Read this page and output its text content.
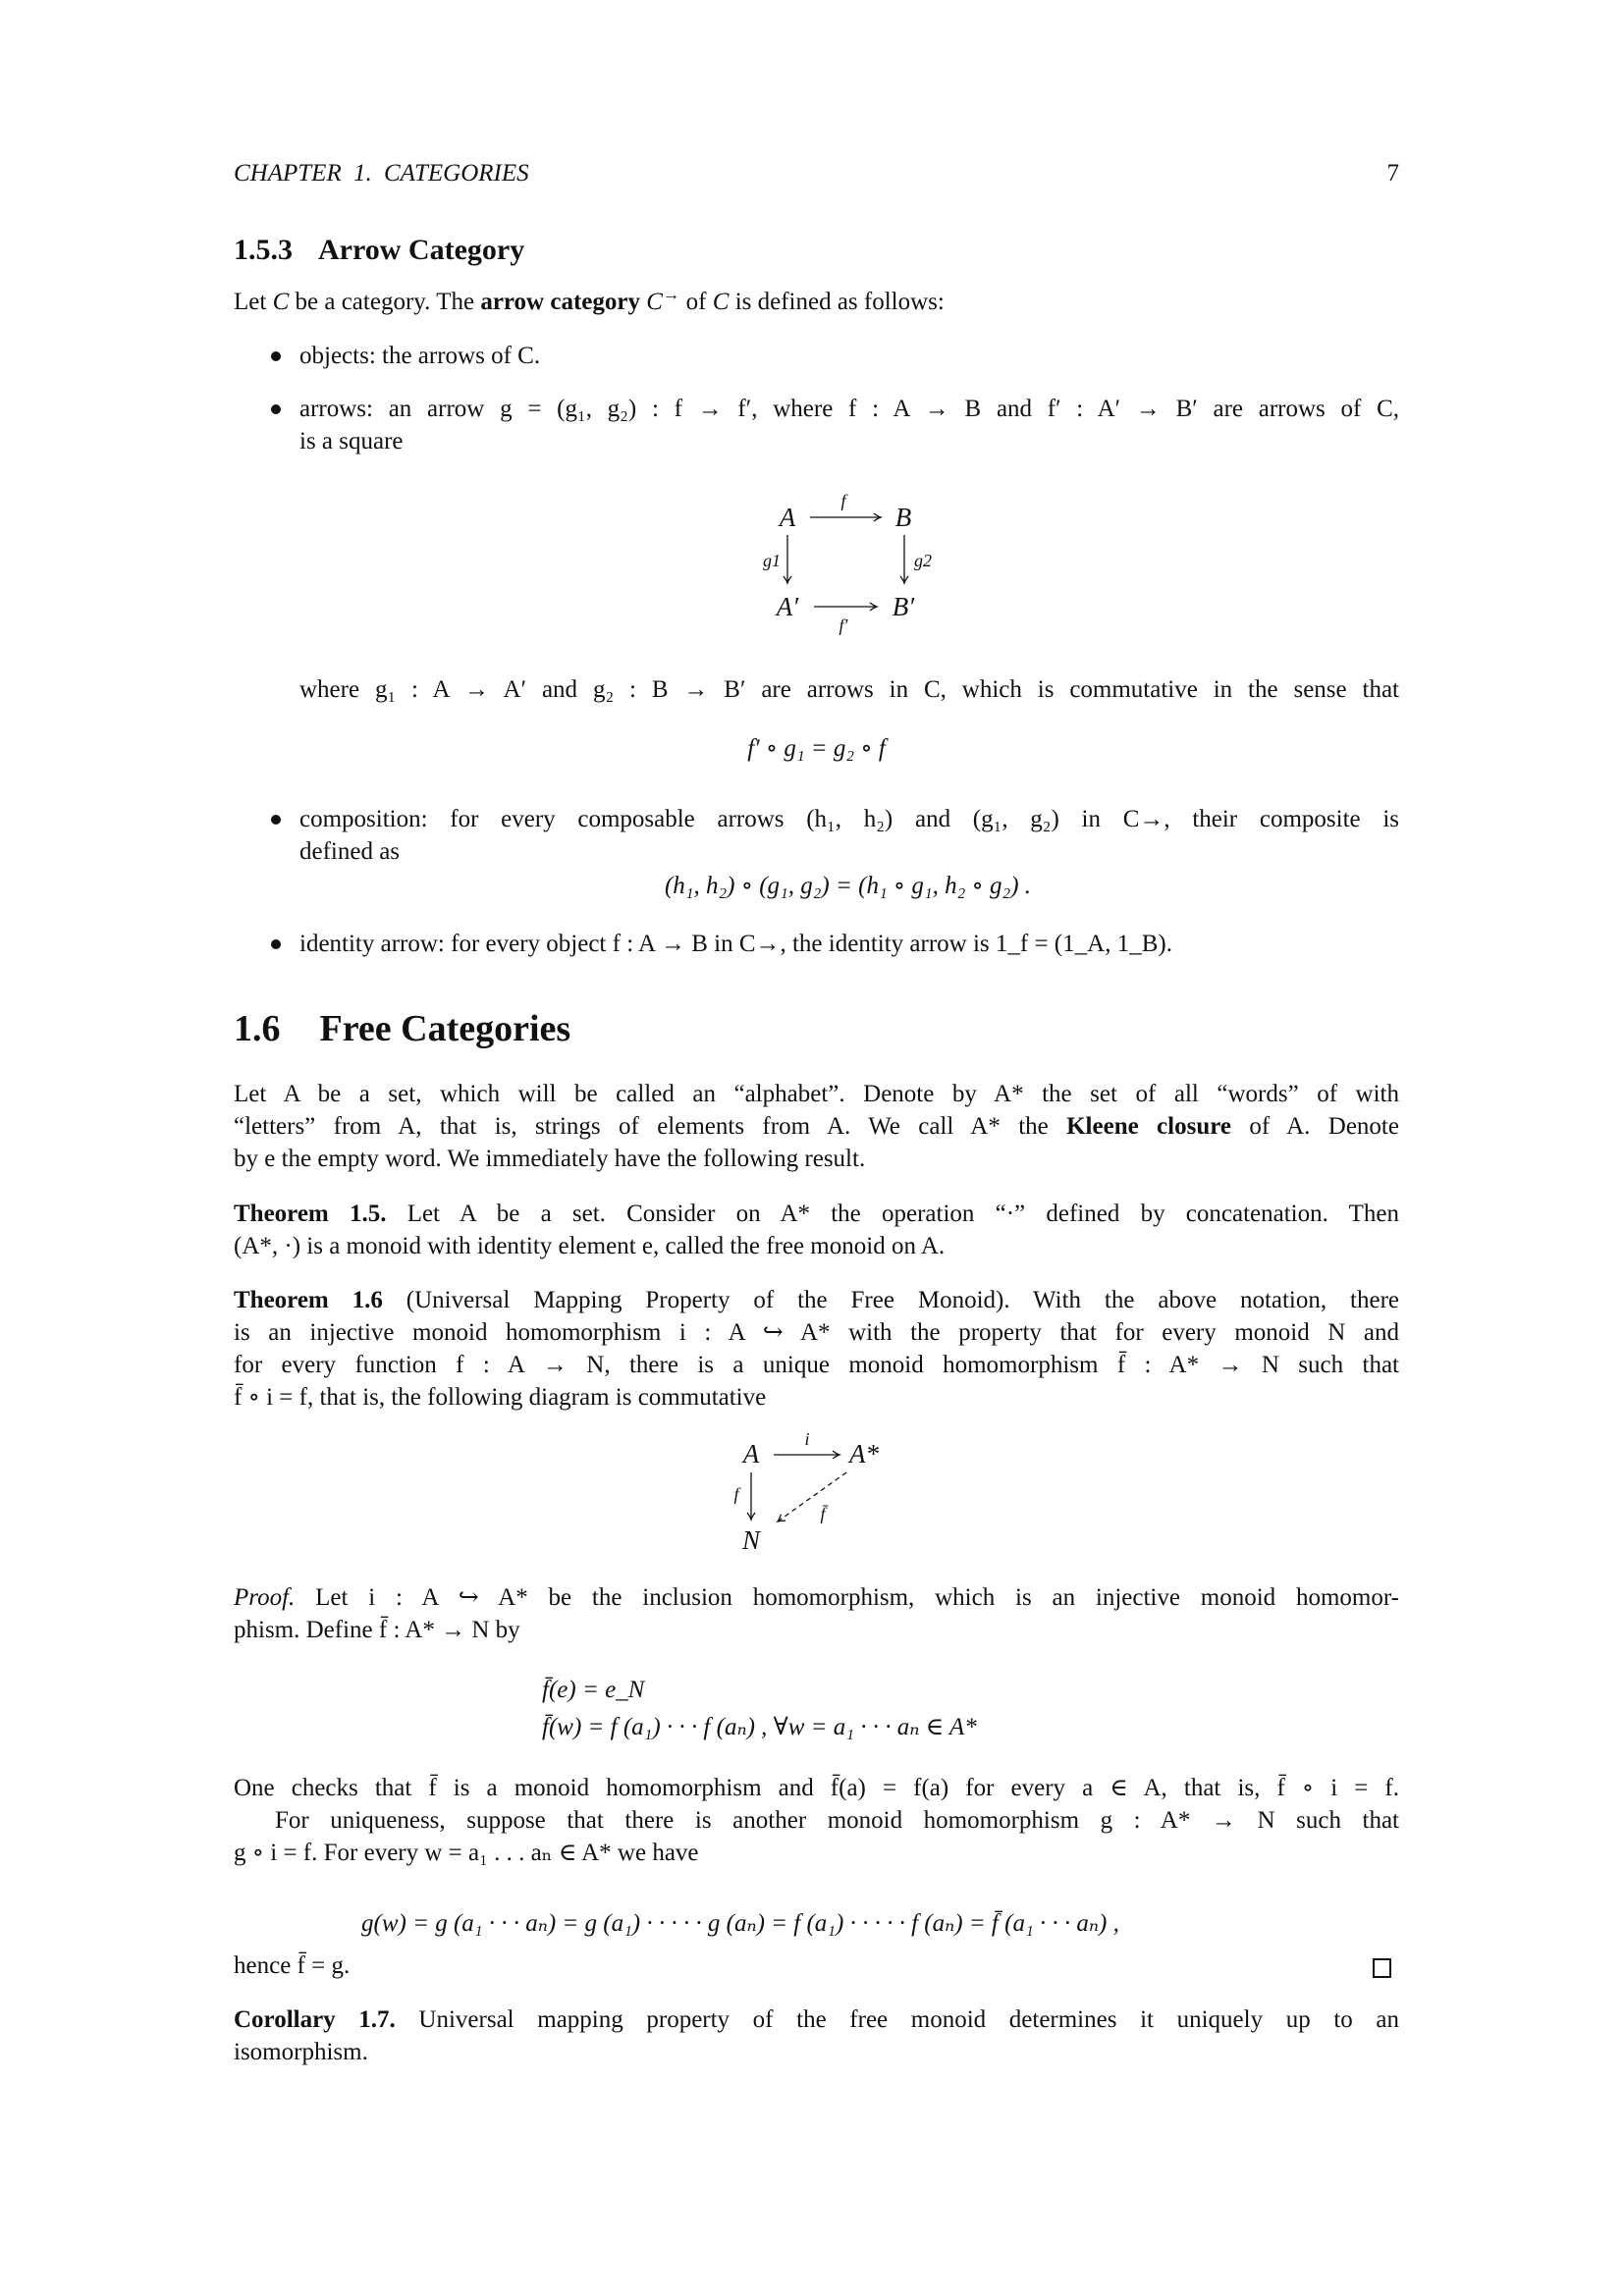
CHAPTER 1. CATEGORIES	7
1.5.3 Arrow Category
Let C be a category. The arrow category C→ of C is defined as follows:
objects: the arrows of C.
arrows: an arrow g = (g₁, g₂) : f → f′, where f : A → B and f′ : A′ → B′ are arrows of C,
is a square
A	B
A′	B′
f
f′
g1	g2
where g₁ : A → A′ and g₂ : B → B′ are arrows in C, which is commutative in the sense that
f′ ∘ g₁ = g₂ ∘ f
composition: for every composable arrows (h₁, h₂) and (g₁, g₂) in C→, their composite is
defined as
(h₁, h₂) ∘ (g₁, g₂) = (h₁ ∘ g₁, h₂ ∘ g₂) .
identity arrow: for every object f : A → B in C→, the identity arrow is 1_f = (1_A, 1_B).
1.6 Free Categories
Let A be a set, which will be called an “alphabet”. Denote by A* the set of all “words” of with
“letters” from A, that is, strings of elements from A. We call A* the Kleene closure of A. Denote
by e the empty word. We immediately have the following result.
Theorem 1.5. Let A be a set. Consider on A* the operation “·” defined by concatenation. Then
(A*, ·) is a monoid with identity element e, called the free monoid on A.
Theorem 1.6 (Universal Mapping Property of the Free Monoid). With the above notation, there
is an injective monoid homomorphism i : A ↪ A* with the property that for every monoid N and
for every function f : A → N, there is a unique monoid homomorphism f̄ : A* → N such that
f̄ ∘ i = f, that is, the following diagram is commutative
A	A*
N
i
f
f̄
Proof. Let i : A ↪ A* be the inclusion homomorphism, which is an injective monoid homomor-
phism. Define f̄ : A* → N by
f̄(e) = e_N
f̄(w) = f (a₁) · · · f (aₙ) , ∀w = a₁ · · · aₙ ∈ A*
One checks that f̄ is a monoid homomorphism and f̄(a) = f(a) for every a ∈ A, that is, f̄ ∘ i = f.
For uniqueness, suppose that there is another monoid homomorphism g : A* → N such that
g ∘ i = f. For every w = a₁ . . . aₙ ∈ A* we have
g(w) = g (a₁ · · · aₙ) = g (a₁) · · · · · g (aₙ) = f (a₁) · · · · · f (aₙ) = f̄ (a₁ · · · aₙ) ,
hence f̄ = g.
Corollary 1.7. Universal mapping property of the free monoid determines it uniquely up to an
isomorphism.
